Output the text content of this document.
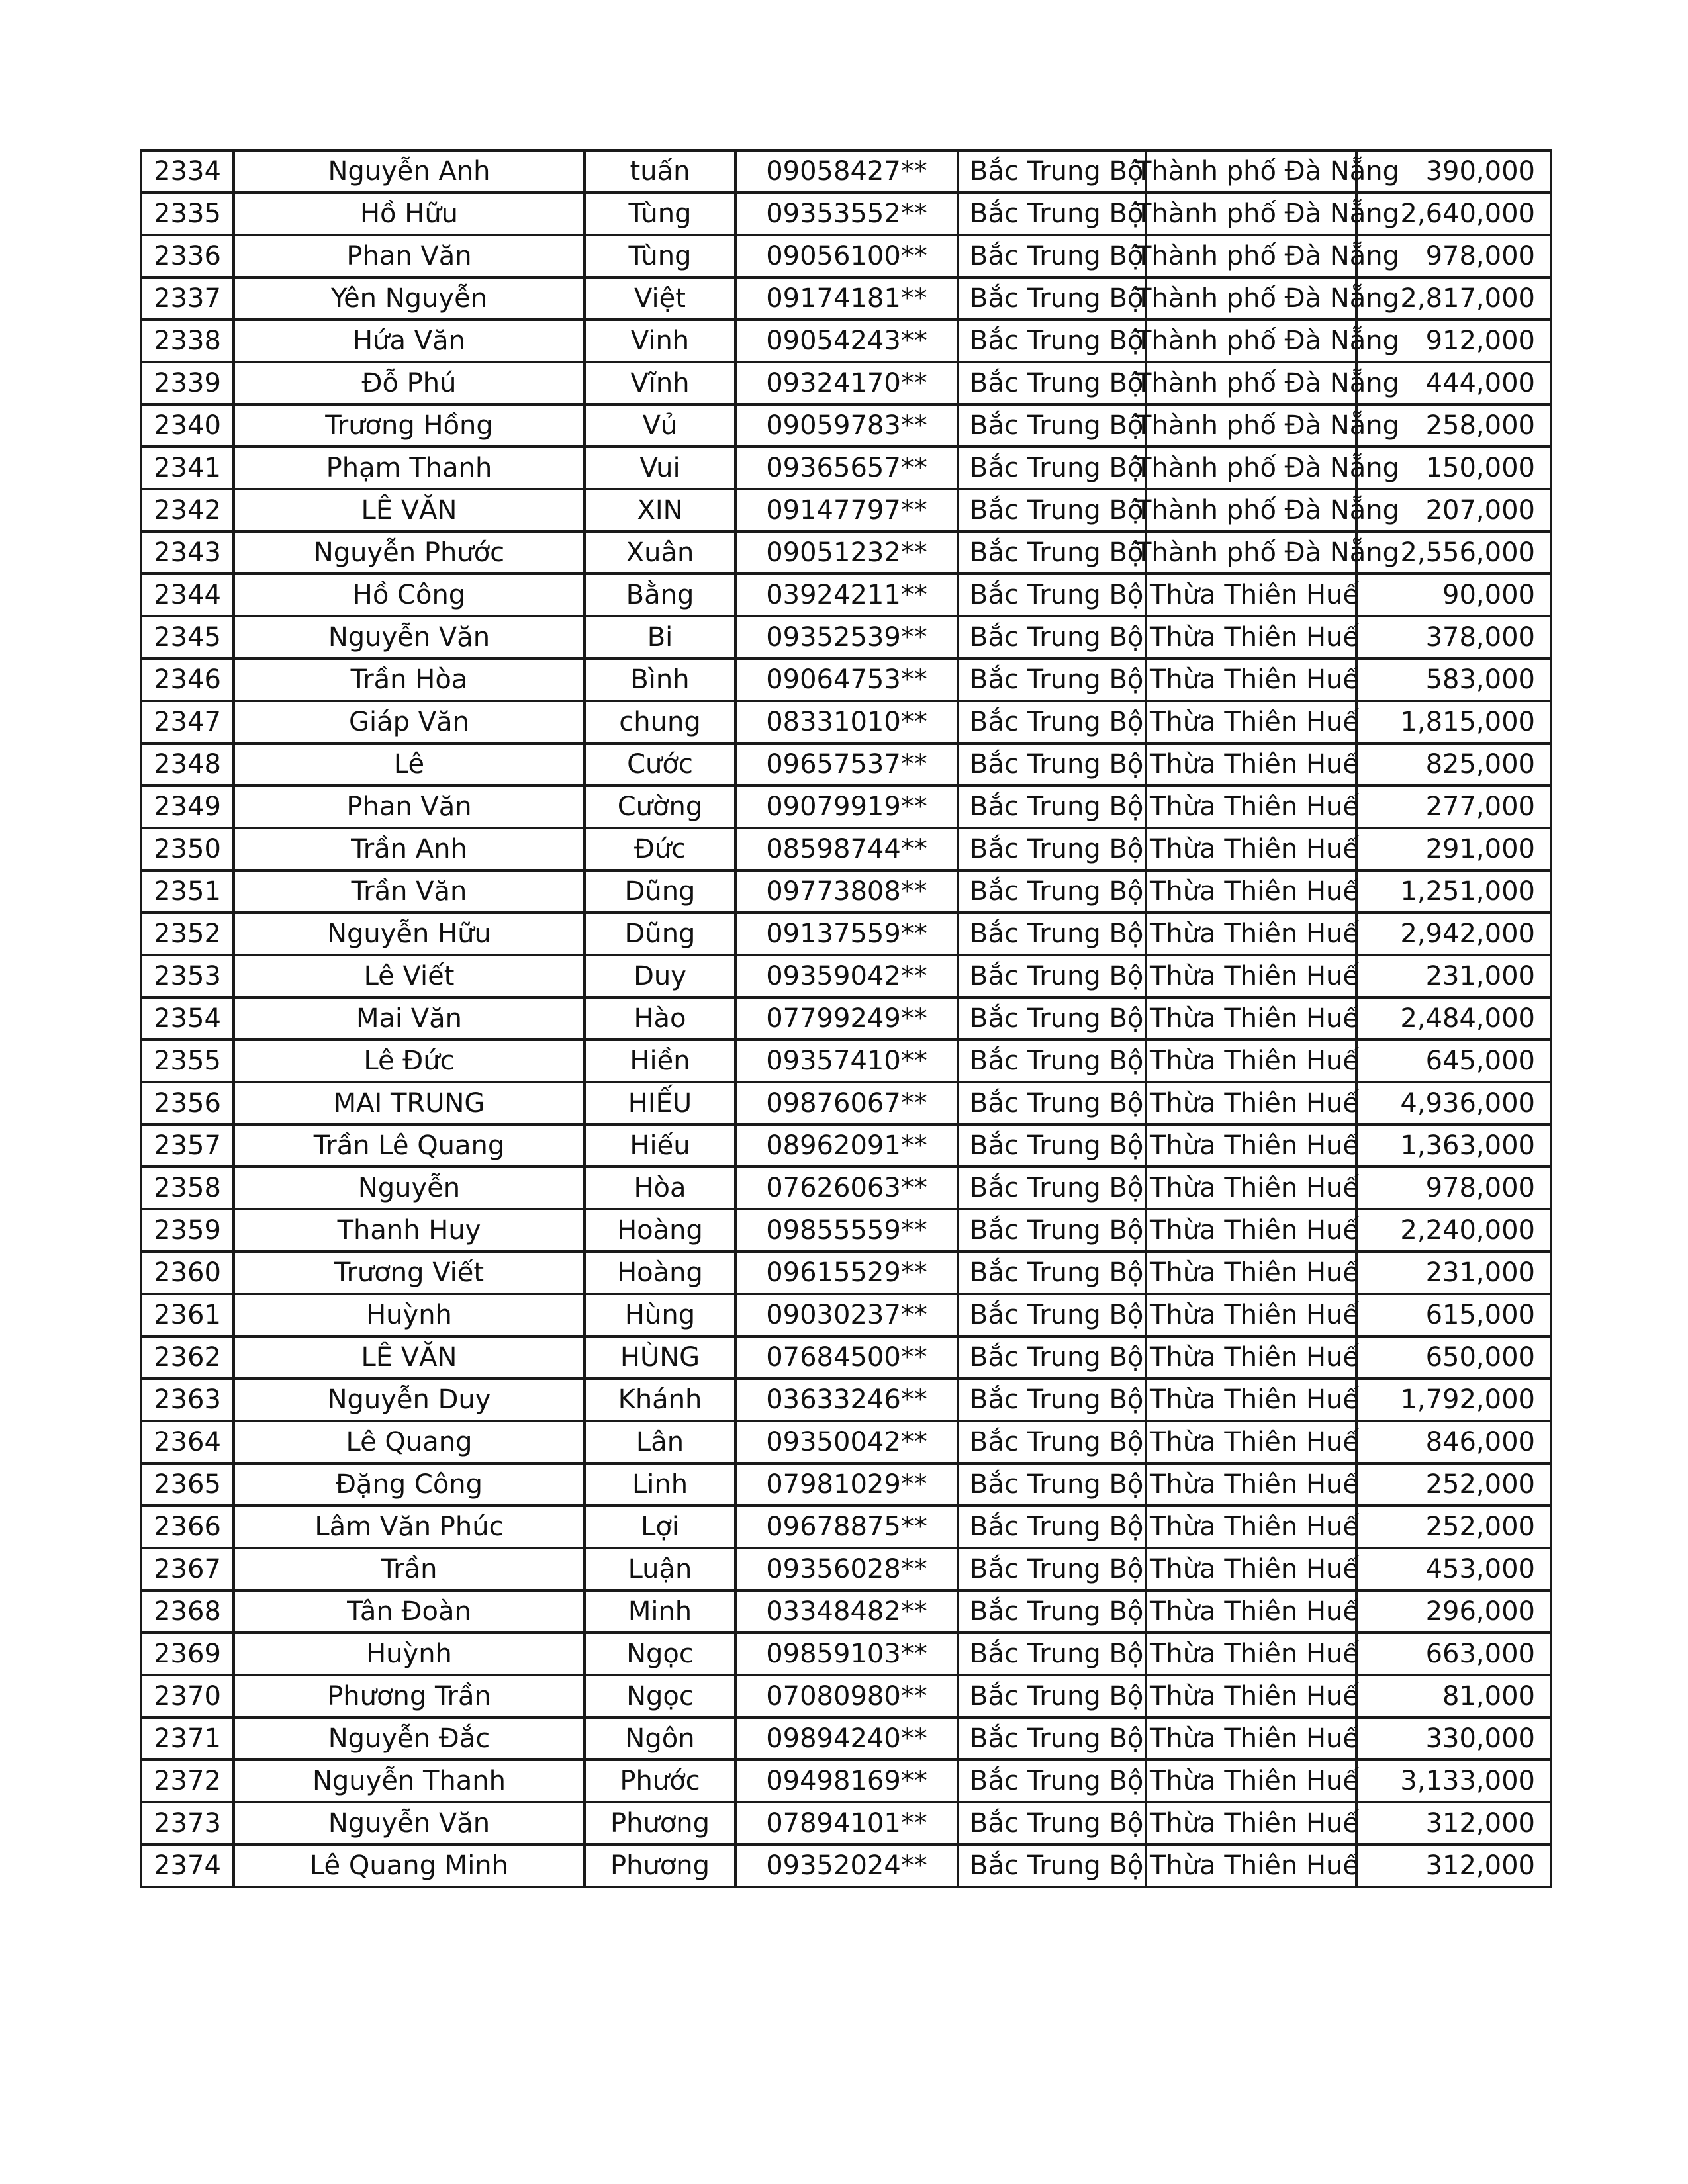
2334	Nguyễn Anh	tuấn	09058427**	Bắc Trung Bộ	Thành phố Đà Nẵng	390,000
2335	Hồ Hữu	Tùng	09353552**	Bắc Trung Bộ	Thành phố Đà Nẵng	2,640,000
2336	Phan Văn	Tùng	09056100**	Bắc Trung Bộ	Thành phố Đà Nẵng	978,000
2337	Yên Nguyễn	Việt	09174181**	Bắc Trung Bộ	Thành phố Đà Nẵng	2,817,000
2338	Hứa Văn	Vinh	09054243**	Bắc Trung Bộ	Thành phố Đà Nẵng	912,000
2339	Đỗ Phú	Vĩnh	09324170**	Bắc Trung Bộ	Thành phố Đà Nẵng	444,000
2340	Trương Hồng	Vủ	09059783**	Bắc Trung Bộ	Thành phố Đà Nẵng	258,000
2341	Phạm Thanh	Vui	09365657**	Bắc Trung Bộ	Thành phố Đà Nẵng	150,000
2342	LÊ VĂN	XIN	09147797**	Bắc Trung Bộ	Thành phố Đà Nẵng	207,000
2343	Nguyễn Phước	Xuân	09051232**	Bắc Trung Bộ	Thành phố Đà Nẵng	2,556,000
2344	Hồ Công	Bằng	03924211**	Bắc Trung Bộ	Thừa Thiên Huế	90,000
2345	Nguyễn Văn	Bi	09352539**	Bắc Trung Bộ	Thừa Thiên Huế	378,000
2346	Trần Hòa	Bình	09064753**	Bắc Trung Bộ	Thừa Thiên Huế	583,000
2347	Giáp Văn	chung	08331010**	Bắc Trung Bộ	Thừa Thiên Huế	1,815,000
2348	Lê	Cước	09657537**	Bắc Trung Bộ	Thừa Thiên Huế	825,000
2349	Phan Văn	Cường	09079919**	Bắc Trung Bộ	Thừa Thiên Huế	277,000
2350	Trần Anh	Đức	08598744**	Bắc Trung Bộ	Thừa Thiên Huế	291,000
2351	Trần Văn	Dũng	09773808**	Bắc Trung Bộ	Thừa Thiên Huế	1,251,000
2352	Nguyễn Hữu	Dũng	09137559**	Bắc Trung Bộ	Thừa Thiên Huế	2,942,000
2353	Lê Viết	Duy	09359042**	Bắc Trung Bộ	Thừa Thiên Huế	231,000
2354	Mai Văn	Hào	07799249**	Bắc Trung Bộ	Thừa Thiên Huế	2,484,000
2355	Lê Đức	Hiền	09357410**	Bắc Trung Bộ	Thừa Thiên Huế	645,000
2356	MAI TRUNG	HIẾU	09876067**	Bắc Trung Bộ	Thừa Thiên Huế	4,936,000
2357	Trần Lê Quang	Hiếu	08962091**	Bắc Trung Bộ	Thừa Thiên Huế	1,363,000
2358	Nguyễn	Hòa	07626063**	Bắc Trung Bộ	Thừa Thiên Huế	978,000
2359	Thanh Huy	Hoàng	09855559**	Bắc Trung Bộ	Thừa Thiên Huế	2,240,000
2360	Trương Viết	Hoàng	09615529**	Bắc Trung Bộ	Thừa Thiên Huế	231,000
2361	Huỳnh	Hùng	09030237**	Bắc Trung Bộ	Thừa Thiên Huế	615,000
2362	LÊ VĂN	HÙNG	07684500**	Bắc Trung Bộ	Thừa Thiên Huế	650,000
2363	Nguyễn Duy	Khánh	03633246**	Bắc Trung Bộ	Thừa Thiên Huế	1,792,000
2364	Lê Quang	Lân	09350042**	Bắc Trung Bộ	Thừa Thiên Huế	846,000
2365	Đặng Công	Linh	07981029**	Bắc Trung Bộ	Thừa Thiên Huế	252,000
2366	Lâm Văn Phúc	Lợi	09678875**	Bắc Trung Bộ	Thừa Thiên Huế	252,000
2367	Trần	Luận	09356028**	Bắc Trung Bộ	Thừa Thiên Huế	453,000
2368	Tân Đoàn	Minh	03348482**	Bắc Trung Bộ	Thừa Thiên Huế	296,000
2369	Huỳnh	Ngọc	09859103**	Bắc Trung Bộ	Thừa Thiên Huế	663,000
2370	Phương Trần	Ngọc	07080980**	Bắc Trung Bộ	Thừa Thiên Huế	81,000
2371	Nguyễn Đắc	Ngôn	09894240**	Bắc Trung Bộ	Thừa Thiên Huế	330,000
2372	Nguyễn Thanh	Phước	09498169**	Bắc Trung Bộ	Thừa Thiên Huế	3,133,000
2373	Nguyễn Văn	Phương	07894101**	Bắc Trung Bộ	Thừa Thiên Huế	312,000
2374	Lê Quang Minh	Phương	09352024**	Bắc Trung Bộ	Thừa Thiên Huế	312,000
